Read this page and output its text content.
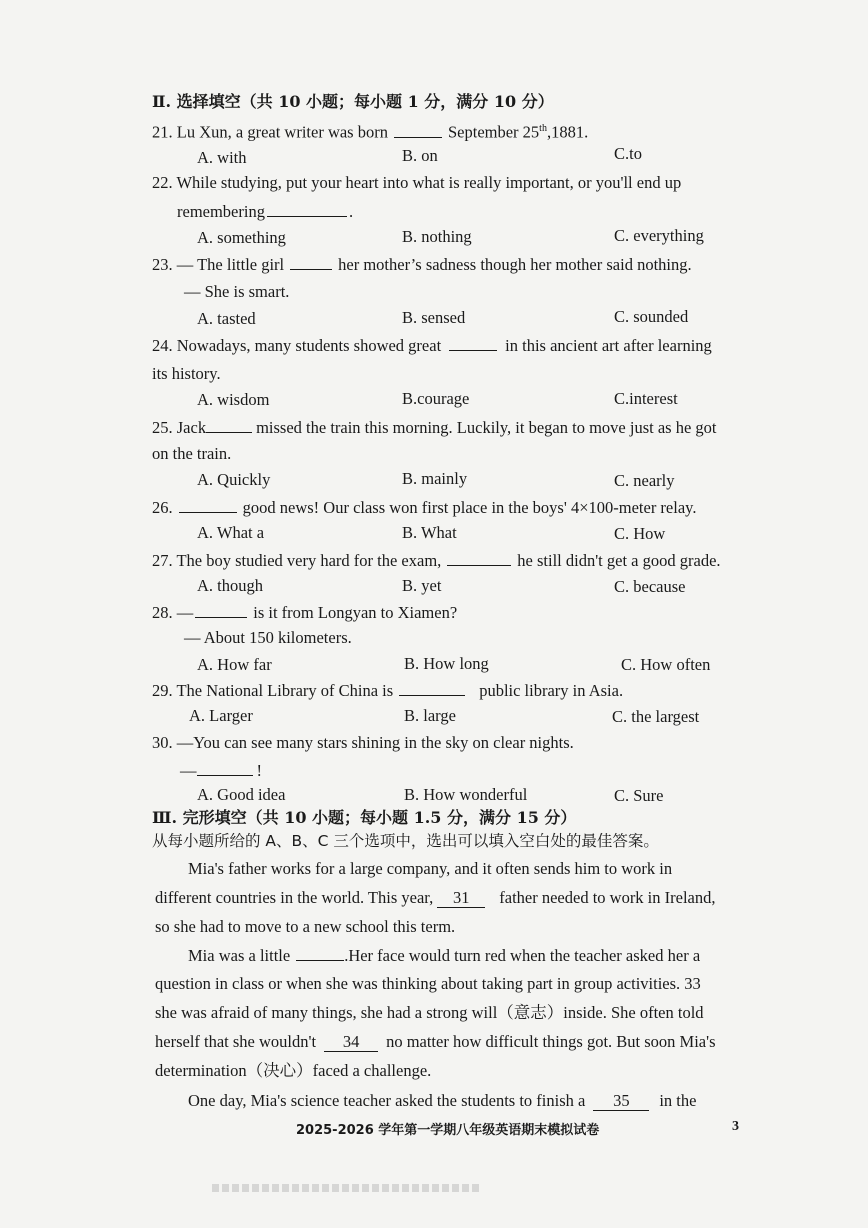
Ⅱ. 选择填空（共 10 小题；每小题 1 分，满分 10 分）
21. Lu Xun, a great writer was born	September 25th,1881.
A. with	B. on	C.to
22. While studying, put your heart into what is really important, or you'll end up
remembering	.
A. something	B. nothing	C. everything
23. — The little girl	her mother’s sadness though her mother said nothing.
— She is smart.
A. tasted	B. sensed	C. sounded
24. Nowadays, many students showed great	in this ancient art after learning
its history.
A. wisdom	B.courage	C.interest
25. Jack	missed the train this morning. Luckily, it began to move just as he got
on the train.
A. Quickly	B. mainly	C. nearly
26.	good news! Our class won first place in the boys' 4×100-meter relay.
A. What a	B. What	C. How
27. The boy studied very hard for the exam,	he still didn't get a good grade.
A. though	B. yet	C. because
28. —	is it from Longyan to Xiamen?
— About 150 kilometers.
A. How far	B. How long	C. How often
29. The National Library of China is	public library in Asia.
A. Larger	B. large	C. the largest
30. —You can see many stars shining in the sky on clear nights.
—	!
A. Good idea	B. How wonderful	C. Sure
Ⅲ. 完形填空（共 10 小题；每小题 1.5 分，满分 15 分）
从每小题所给的 A、B、C 三个选项中，选出可以填入空白处的最佳答案。
Mia's father works for a large company, and it often sends him to work in
different countries in the world. This year, 31 father needed to work in Ireland,
so she had to move to a new school this term.
Mia was a little	.Her face would turn red when the teacher asked her a
question in class or when she was thinking about taking part in group activities. 33
she was afraid of many things, she had a strong will（意志）inside. She often told
herself that she wouldn't 34 no matter how difficult things got. But soon Mia's
determination（决心）faced a challenge.
One day, Mia's science teacher asked the students to finish a 35 in the
2025-2026 学年第一学期八年级英语期末模拟试卷	3
